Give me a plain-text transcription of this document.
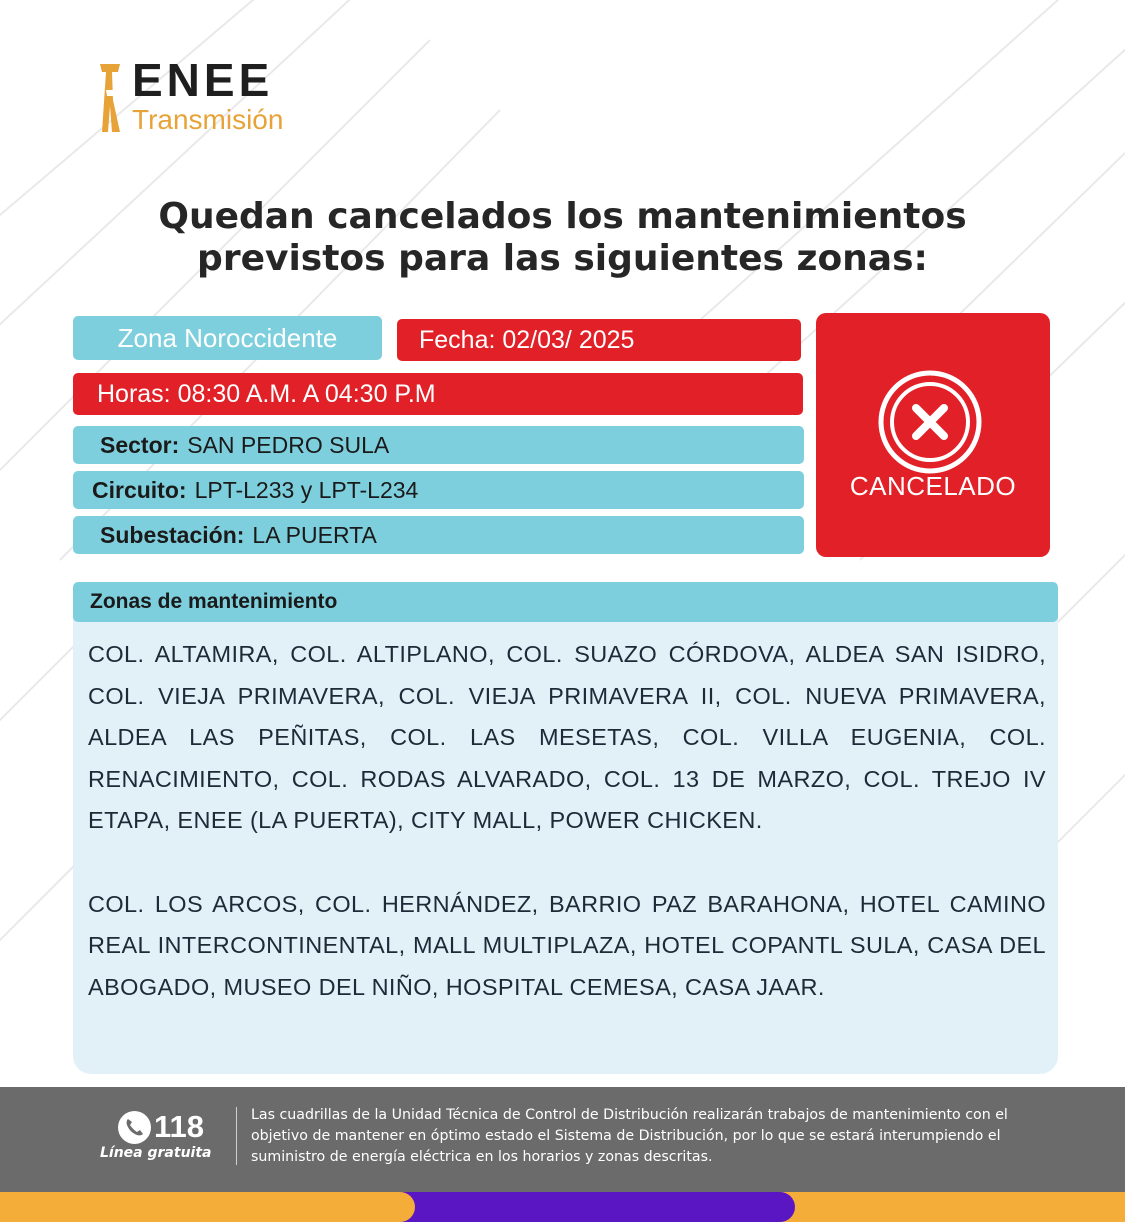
ENEE
Transmisión
Quedan cancelados los mantenimientos
previstos para las siguientes zonas:
Zona Noroccidente	Fecha: 02/03/ 2025
Horas: 08:30 A.M. A 04:30 P.M
Sector: SAN PEDRO SULA
Circuito: LPT-L233 y LPT-L234
Subestación: LA PUERTA
CANCELADO
Zonas de mantenimiento

COL. ALTAMIRA, COL. ALTIPLANO, COL. SUAZO CÓRDOVA, ALDEA SAN ISIDRO, COL. VIEJA PRIMAVERA, COL. VIEJA PRIMAVERA II, COL. NUEVA PRIMAVERA, ALDEA LAS PEÑITAS, COL. LAS MESETAS, COL. VILLA EUGENIA, COL. RENACIMIENTO, COL. RODAS ALVARADO, COL. 13 DE MARZO, COL. TREJO IV ETAPA, ENEE (LA PUERTA), CITY MALL, POWER CHICKEN.

COL. LOS ARCOS, COL. HERNÁNDEZ, BARRIO PAZ BARAHONA, HOTEL CAMINO REAL INTERCONTINENTAL, MALL MULTIPLAZA, HOTEL COPANTL SULA, CASA DEL ABOGADO, MUSEO DEL NIÑO, HOSPITAL CEMESA, CASA JAAR.

118
Línea gratuita
Las cuadrillas de la Unidad Técnica de Control de Distribución realizarán trabajos de mantenimiento con el objetivo de mantener en óptimo estado el Sistema de Distribución, por lo que se estará interumpiendo el suministro de energía eléctrica en los horarios y zonas descritas.
